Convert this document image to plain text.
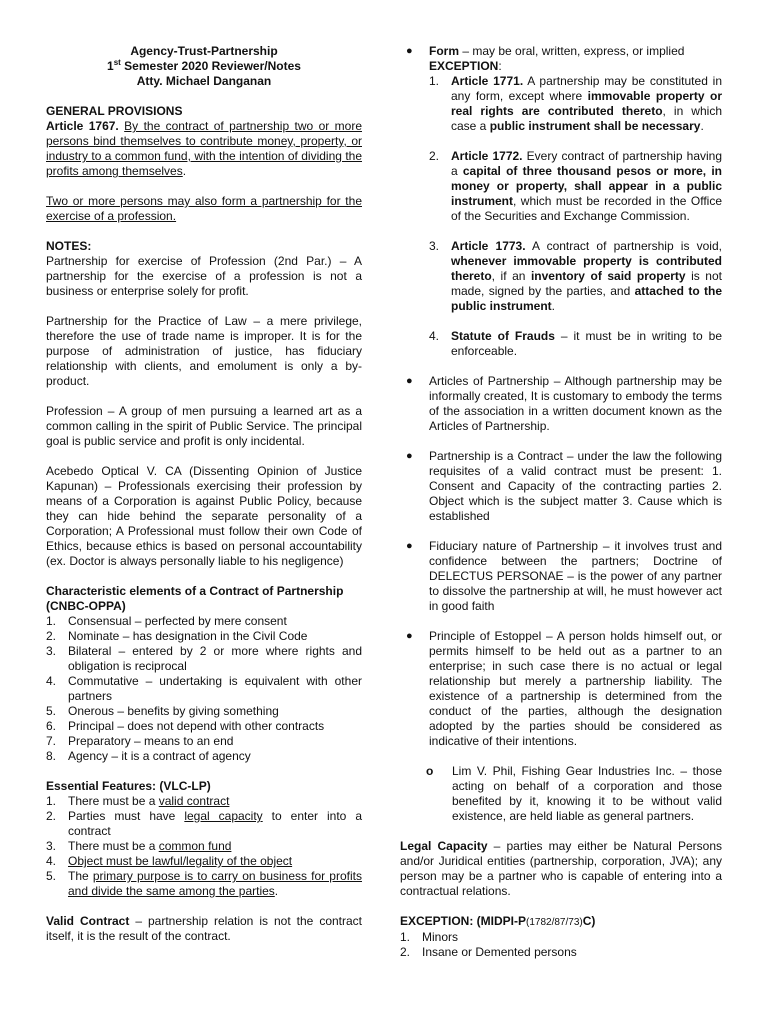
Agency-Trust-Partnership

1st Semester 2020 Reviewer/Notes

Atty. Michael Danganan

GENERAL PROVISIONS

Article 1767. By the contract of partnership two or more persons bind themselves to contribute money, property, or industry to a common fund, with the intention of dividing the profits among themselves.

Two or more persons may also form a partnership for the exercise of a profession.

NOTES:

Partnership for exercise of Profession (2nd Par.) – A partnership for the exercise of a profession is not a business or enterprise solely for profit.

Partnership for the Practice of Law – a mere privilege, therefore the use of trade name is improper. It is for the purpose of administration of justice, has fiduciary relationship with clients, and emolument is only a by-product.

Profession – A group of men pursuing a learned art as a common calling in the spirit of Public Service. The principal goal is public service and profit is only incidental.

Acebedo Optical V. CA (Dissenting Opinion of Justice Kapunan) – Professionals exercising their profession by means of a Corporation is against Public Policy, because they can hide behind the separate personality of a Corporation; A Professional must follow their own Code of Ethics, because ethics is based on personal accountability (ex. Doctor is always personally liable to his negligence)

Characteristic elements of a Contract of Partnership (CNBC-OPPA)

1. Consensual – perfected by mere consent
2. Nominate – has designation in the Civil Code
3. Bilateral – entered by 2 or more where rights and obligation is reciprocal
4. Commutative – undertaking is equivalent with other partners
5. Onerous – benefits by giving something
6. Principal – does not depend with other contracts
7. Preparatory – means to an end
8. Agency – it is a contract of agency

Essential Features: (VLC-LP)

1. There must be a valid contract
2. Parties must have legal capacity to enter into a contract
3. There must be a common fund
4. Object must be lawful/legality of the object
5. The primary purpose is to carry on business for profits and divide the same among the parties.

Valid Contract – partnership relation is not the contract itself, it is the result of the contract.

● Form – may be oral, written, express, or implied

EXCEPTION:

1. Article 1771. A partnership may be constituted in any form, except where immovable property or real rights are contributed thereto, in which case a public instrument shall be necessary.
2. Article 1772. Every contract of partnership having a capital of three thousand pesos or more, in money or property, shall appear in a public instrument, which must be recorded in the Office of the Securities and Exchange Commission.
3. Article 1773. A contract of partnership is void, whenever immovable property is contributed thereto, if an inventory of said property is not made, signed by the parties, and attached to the public instrument.
4. Statute of Frauds – it must be in writing to be enforceable.
● Articles of Partnership – Although partnership may be informally created, It is customary to embody the terms of the association in a written document known as the Articles of Partnership.
● Partnership is a Contract – under the law the following requisites of a valid contract must be present: 1. Consent and Capacity of the contracting parties 2. Object which is the subject matter 3. Cause which is established
● Fiduciary nature of Partnership – it involves trust and confidence between the partners; Doctrine of DELECTUS PERSONAE – is the power of any partner to dissolve the partnership at will, he must however act in good faith
● Principle of Estoppel – A person holds himself out, or permits himself to be held out as a partner to an enterprise; in such case there is no actual or legal relationship but merely a partnership liability. The existence of a partnership is determined from the conduct of the parties, although the designation adopted by the parties should be considered as indicative of their intentions.
o Lim V. Phil, Fishing Gear Industries Inc. – those acting on behalf of a corporation and those benefited by it, knowing it to be without valid existence, are held liable as general partners.

Legal Capacity – parties may either be Natural Persons and/or Juridical entities (partnership, corporation, JVA); any person may be a partner who is capable of entering into a contractual relations.

EXCEPTION: (MIDPI-P(1782/87/73)C)

1. Minors
2. Insane or Demented persons
